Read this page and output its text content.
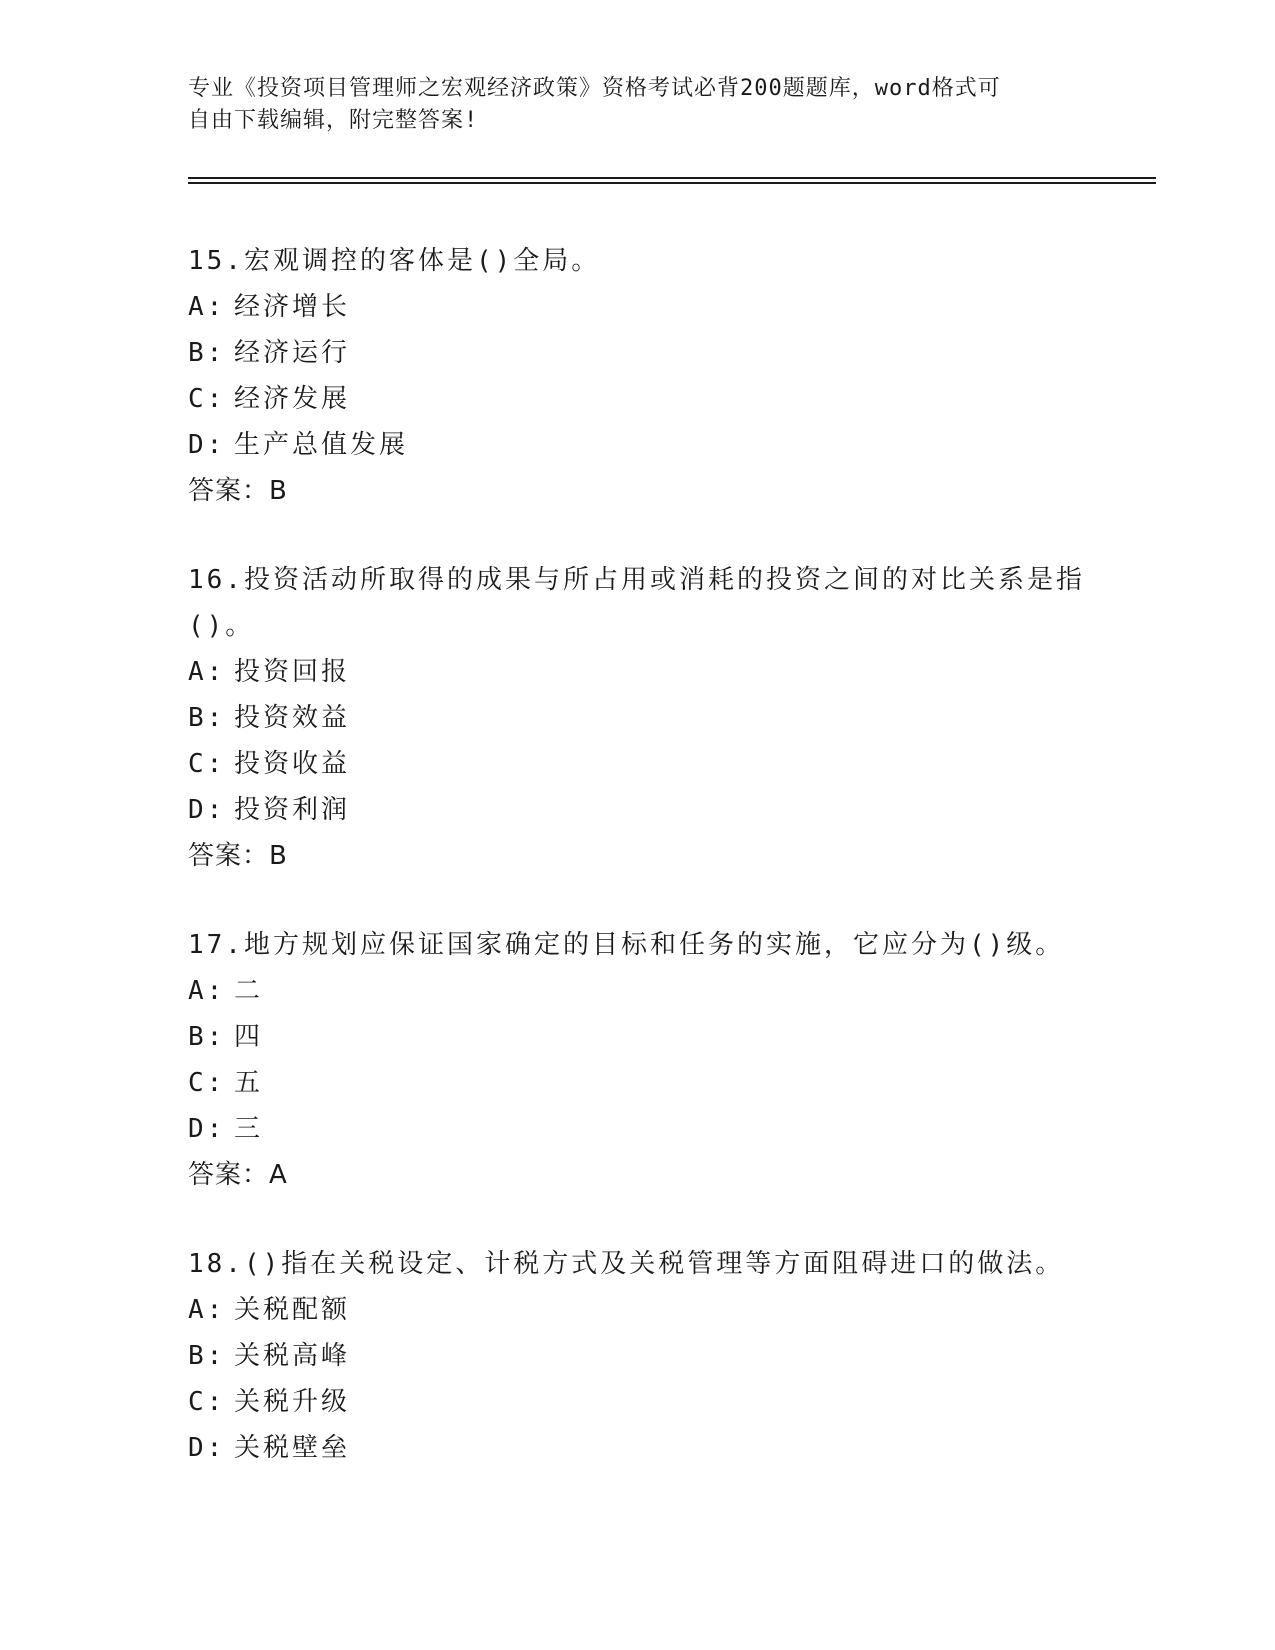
专业《投资项目管理师之宏观经济政策》资格考试必背200题题库，word格式可

自由下载编辑，附完整答案!

15.宏观调控的客体是()全局。

A: 经济增长

B: 经济运行

C: 经济发展

D: 生产总值发展

答案：B

16.投资活动所取得的成果与所占用或消耗的投资之间的对比关系是指()。

A: 投资回报

B: 投资效益

C: 投资收益

D: 投资利润

答案：B

17.地方规划应保证国家确定的目标和任务的实施，它应分为()级。

A: 二

B: 四

C: 五

D: 三

答案：A

18.()指在关税设定、计税方式及关税管理等方面阻碍进口的做法。

A: 关税配额

B: 关税高峰

C: 关税升级

D: 关税壁垒
